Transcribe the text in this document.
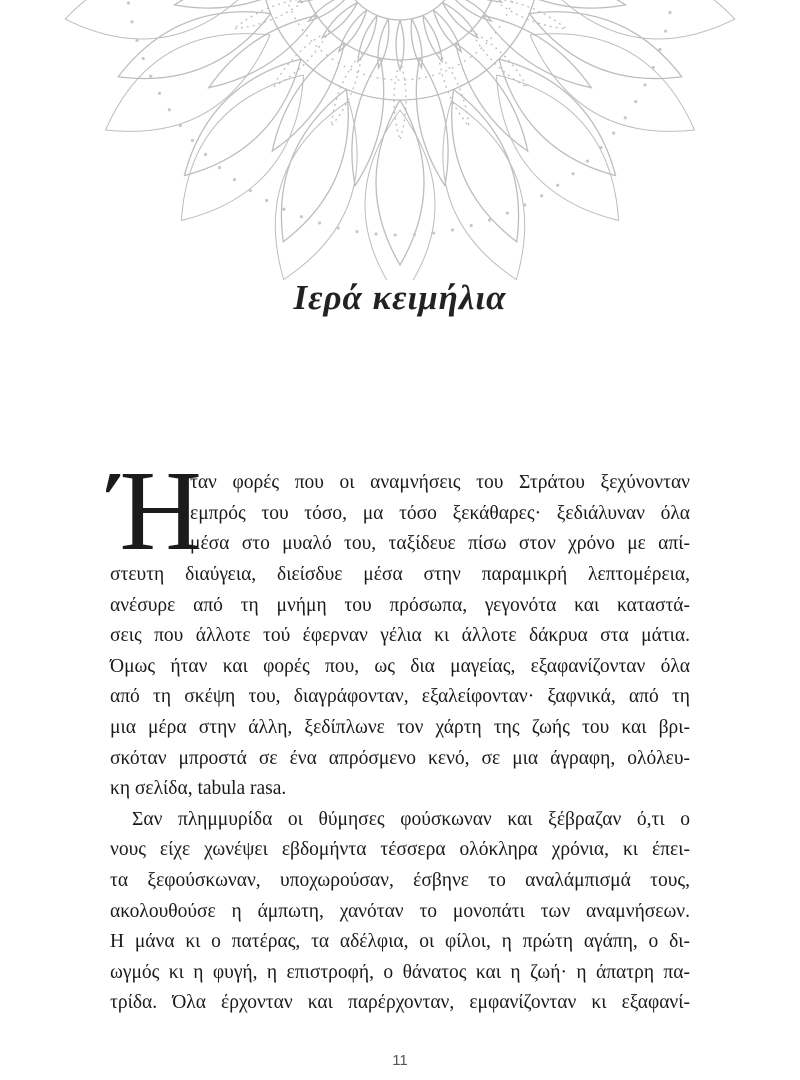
Ιερά κειμήλια
Ή
ταν φορές που οι αναμνήσεις του Στράτου ξεχύνονταν
εμπρός του τόσο, μα τόσο ξεκάθαρες· ξεδιάλυναν όλα
μέσα στο μυαλό του, ταξίδευε πίσω στον χρόνο με απί-
στευτη διαύγεια, διείσδυε μέσα στην παραμικρή λεπτομέρεια,
ανέσυρε από τη μνήμη του πρόσωπα, γεγονότα και καταστά-
σεις που άλλοτε τού έφερναν γέλια κι άλλοτε δάκρυα στα μάτια.
Όμως ήταν και φορές που, ως δια μαγείας, εξαφανίζονταν όλα
από τη σκέψη του, διαγράφονταν, εξαλείφονταν· ξαφνικά, από τη
μια μέρα στην άλλη, ξεδίπλωνε τον χάρτη της ζωής του και βρι-
σκόταν μπροστά σε ένα απρόσμενο κενό, σε μια άγραφη, ολόλευ-
κη σελίδα, tabula rasa.
Σαν πλημμυρίδα οι θύμησες φούσκωναν και ξέβραζαν ό,τι ο
νους είχε χωνέψει εβδομήντα τέσσερα ολόκληρα χρόνια, κι έπει-
τα ξεφούσκωναν, υποχωρούσαν, έσβηνε το αναλάμπισμά τους,
ακολουθούσε η άμπωτη, χανόταν το μονοπάτι των αναμνήσεων.
Η μάνα κι ο πατέρας, τα αδέλφια, οι φίλοι, η πρώτη αγάπη, ο δι-
ωγμός κι η φυγή, η επιστροφή, ο θάνατος και η ζωή· η άπατρη πα-
τρίδα. Όλα έρχονταν και παρέρχονταν, εμφανίζονταν κι εξαφανί-
11
